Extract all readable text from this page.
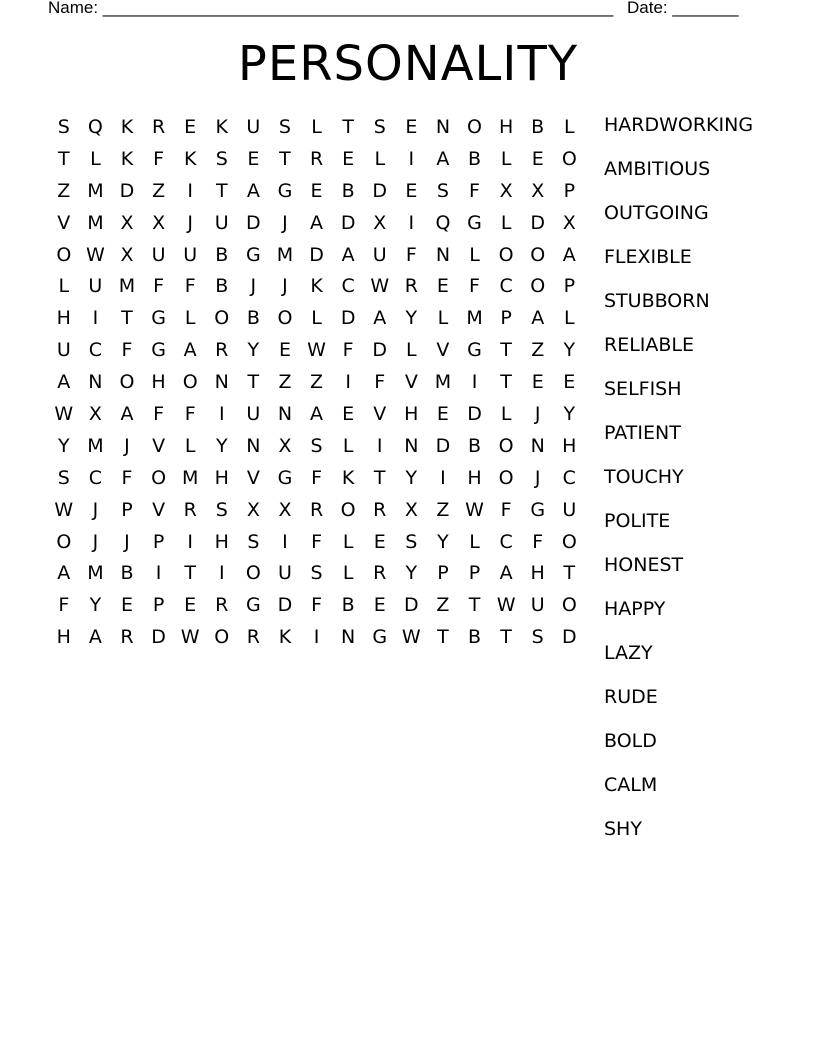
Name: ______________________________________________________ Date: _______
PERSONALITY
S Q K R E	K U S	L	T	S	E N O H B	L
T	L	K	F	K	S	E	T	R E	L	I	A B	L	E O
Z M D Z	I	T	A G E	B D E	S	F	X X	P
V M X X	J	U D	J	A D X	I	Q G L D X
O W X U U B G M D A U	F	N	L O O A
L	U M F	F	B	J	J	K C W R E	F	C O P
H	I	T G L O B O L D A	Y	L M P	A	L
U C	F G A R	Y	E W F D L	V G T	Z	Y
A N O H O N T	Z Z	I	F	V M	I	T	E	E
W X A	F	F	I	U N A	E	V H E D L	J	Y
Y M	J	V	L	Y N X	S	L	I	N D B O N H
S C	F O M H V G F	K	T	Y	I	H O	J	C
W	J	P	V R S	X X R O R X Z W F G U
O	J	J	P	I	H S	I	F	L	E	S	Y	L	C	F O
A M B	I	T	I	O U S	L	R	Y	P	P	A H T
F	Y	E	P	E R G D F	B	E D Z	T W U O
H A R D W O R K	I	N G W T	B	T	S D
HARDWORKING
AMBITIOUS
OUTGOING
FLEXIBLE
STUBBORN
RELIABLE
SELFISH
PATIENT
TOUCHY
POLITE
HONEST
HAPPY
LAZY
RUDE
BOLD
CALM
SHY
